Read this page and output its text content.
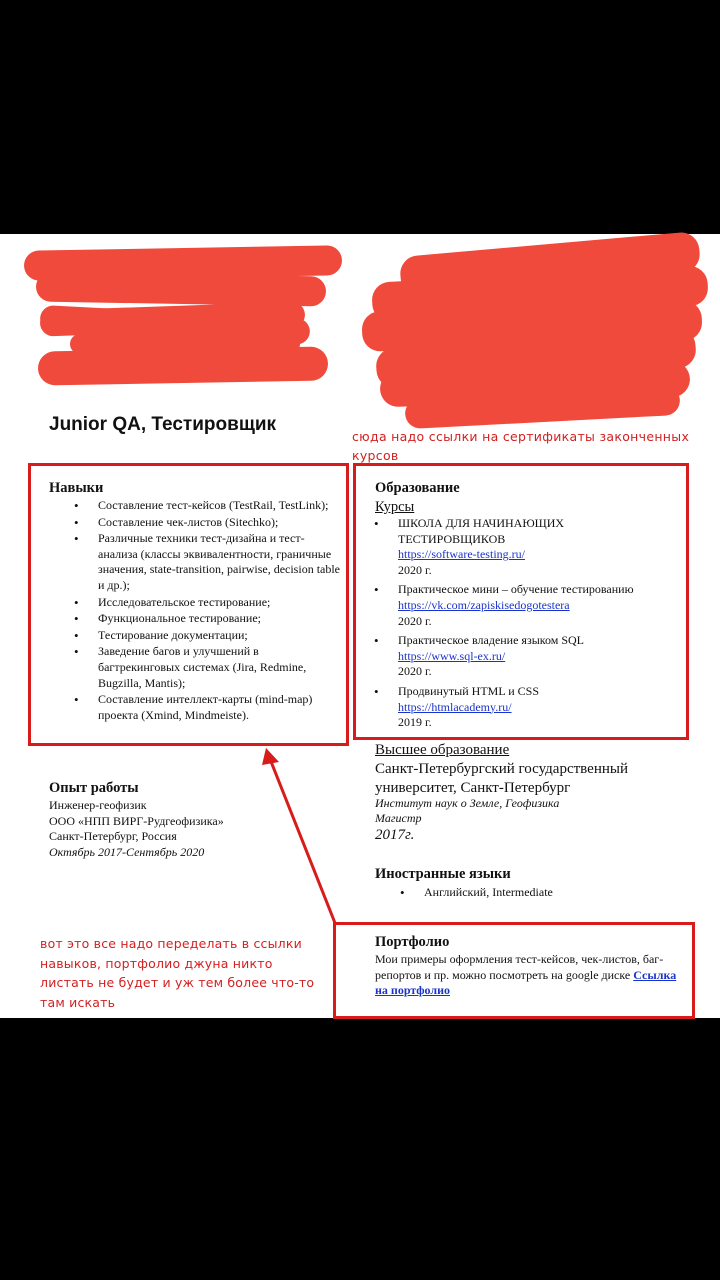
Junior QA, Тестировщик
сюда надо ссылки на сертификаты законченных курсов
Навыки
• Составление тест-кейсов (TestRail, TestLink);
• Составление чек-листов (Sitechko);
• Различные техники тест-дизайна и тест-анализа (классы эквивалентности, граничные значения, state-transition, pairwise, decision table и др.);
• Исследовательское тестирование;
• Функциональное тестирование;
• Тестирование документации;
• Заведение багов и улучшений в багтрекинговых системах (Jira, Redmine, Bugzilla, Mantis);
• Составление интеллект-карты (mind-map) проекта (Xmind, Mindmeiste).
Опыт работы
Инженер-геофизик
ООО «НПП ВИРГ-Рудгеофизика»
Санкт-Петербург, Россия
Октябрь 2017-Сентябрь 2020
Образование
Курсы
• ШКОЛА ДЛЯ НАЧИНАЮЩИХ ТЕСТИРОВЩИКОВ
https://software-testing.ru/
2020 г.
• Практическое мини – обучение тестированию
https://vk.com/zapiskisedogotestera
2020 г.
• Практическое владение языком SQL
https://www.sql-ex.ru/
2020 г.
• Продвинутый HTML и CSS
https://htmlacademy.ru/
2019 г.
Высшее образование
Санкт-Петербургский государственный университет, Санкт-Петербург
Институт наук о Земле, Геофизика
Магистр
2017г.
Иностранные языки
• Английский, Intermediate
Портфолио
Мои примеры оформления тест-кейсов, чек-листов, баг-репортов и пр. можно посмотреть на google диске Ссылка на портфолио
вот это все надо переделать в ссылки навыков, портфолио джуна никто листать не будет и уж тем более что-то там искать
